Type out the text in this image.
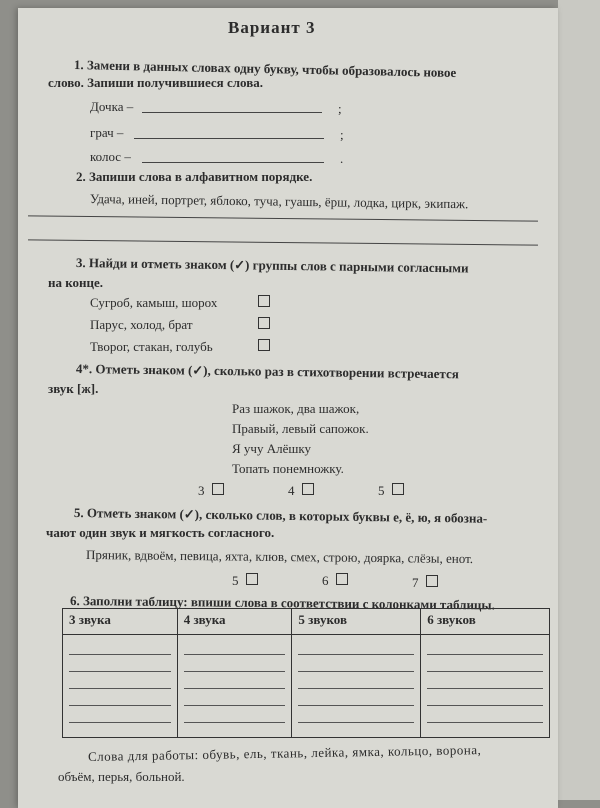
Вариант 3
1. Замени в данных словах одну букву, чтобы образовалось новое
слово. Запиши получившиеся слова.
Дочка –	;
грач –	;
колос –	.
2. Запиши слова в алфавитном порядке.
Удача, иней, портрет, яблоко, туча, гуашь, ёрш, лодка, цирк, экипаж.
3. Найди и отметь знаком (✓) группы слов с парными согласными
на конце.
Сугроб, камыш, шорох
Парус, холод, брат
Творог, стакан, голубь
4*. Отметь знаком (✓), сколько раз в стихотворении встречается
звук [ж].
Раз шажок, два шажок,
Правый, левый сапожок.
Я учу Алёшку
Топать понемножку.
3	4	5
5. Отметь знаком (✓), сколько слов, в которых буквы е, ё, ю, я обозна-
чают один звук и мягкость согласного.
Пряник, вдвоём, певица, яхта, клюв, смех, строю, доярка, слёзы, енот.
5	6	7
6. Заполни таблицу: впиши слова в соответствии с колонками таблицы.
3 звука	4 звука	5 звуков	6 звуков

Слова для работы: обувь, ель, ткань, лейка, ямка, кольцо, ворона,
объём, перья, больной.
